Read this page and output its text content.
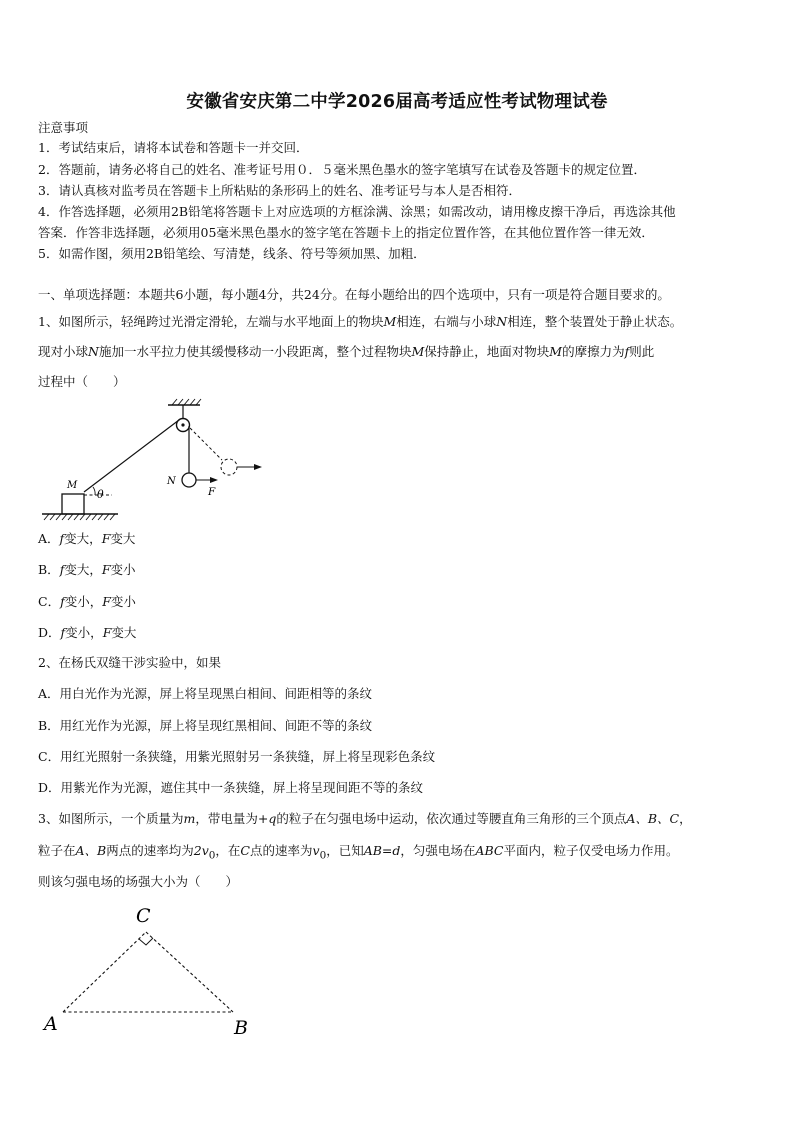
安徽省安庆第二中学2026届高考适应性考试物理试卷
注意事项
1．考试结束后，请将本试卷和答题卡一并交回．
2．答题前，请务必将自己的姓名、准考证号用０．５毫米黑色墨水的签字笔填写在试卷及答题卡的规定位置．
3．请认真核对监考员在答题卡上所粘贴的条形码上的姓名、准考证号与本人是否相符．
4．作答选择题，必须用2B铅笔将答题卡上对应选项的方框涂满、涂黑；如需改动，请用橡皮擦干净后，再选涂其他
答案．作答非选择题，必须用05毫米黑色墨水的签字笔在答题卡上的指定位置作答，在其他位置作答一律无效．
5．如需作图，须用2B铅笔绘、写清楚，线条、符号等须加黑、加粗．
一、单项选择题：本题共6小题，每小题4分，共24分。在每小题给出的四个选项中，只有一项是符合题目要求的。
1、如图所示，轻绳跨过光滑定滑轮，左端与水平地面上的物块M相连，右端与小球N相连，整个装置处于静止状态。
现对小球N施加一水平拉力使其缓慢移动一小段距离，整个过程物块M保持静止，地面对物块M的摩擦力为f则此
过程中（　　）
θ
M	N
F
A．f变大，F变大
B．f变大，F变小
C．f变小，F变小
D．f变小，F变大
2、在杨氏双缝干涉实验中，如果
A．用白光作为光源，屏上将呈现黑白相间、间距相等的条纹
B．用红光作为光源，屏上将呈现红黑相间、间距不等的条纹
C．用红光照射一条狭缝，用紫光照射另一条狭缝，屏上将呈现彩色条纹
D．用紫光作为光源，遮住其中一条狭缝，屏上将呈现间距不等的条纹
3、如图所示，一个质量为m，带电量为+q的粒子在匀强电场中运动，依次通过等腰直角三角形的三个顶点A、B、C，
粒子在A、B两点的速率均为$2v_0$，在C点的速率为$v_0$，已知AB=d，匀强电场在ABC平面内，粒子仅受电场力作用。
则该匀强电场的场强大小为（　　）
A	B
C
